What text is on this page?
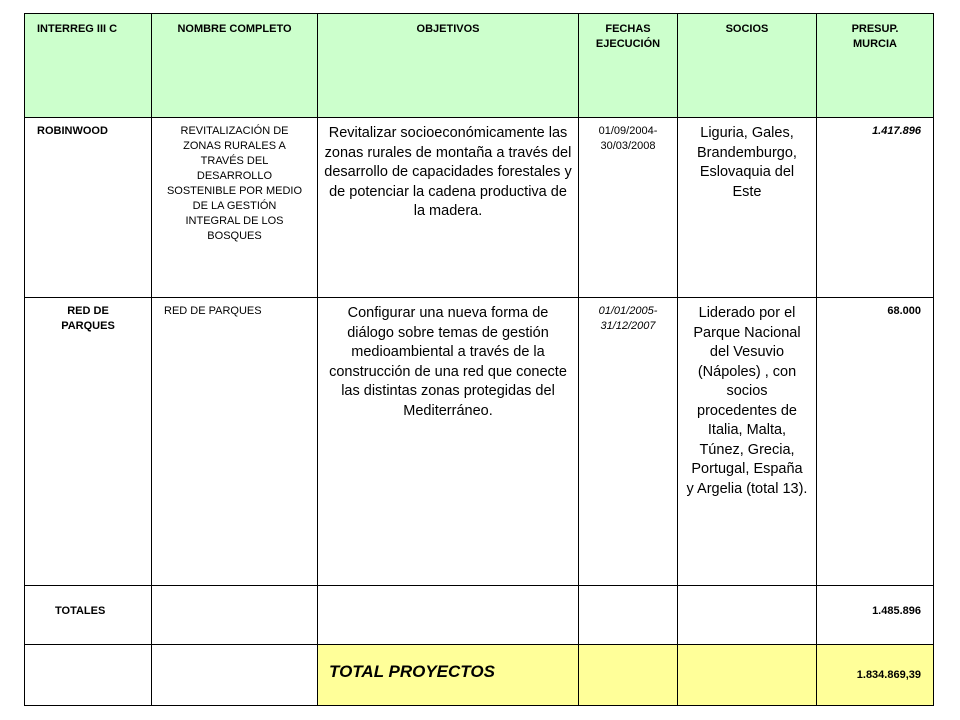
INTERREG III C	NOMBRE COMPLETO	OBJETIVOS	FECHAS EJECUCIÓN	SOCIOS	PRESUP. MURCIA

ROBINWOOD	REVITALIZACIÓN DE ZONAS RURALES A TRAVÉS DEL DESARROLLO SOSTENIBLE POR MEDIO DE LA GESTIÓN INTEGRAL DE LOS BOSQUES	Revitalizar socioeconómicamente las zonas rurales de montaña a través del desarrollo de capacidades forestales y de potenciar la cadena productiva de la madera.	01/09/2004-30/03/2008	Liguria, Gales, Brandemburgo, Eslovaquia del Este	1.417.896

RED DE PARQUES	RED DE PARQUES	Configurar una nueva forma de diálogo sobre temas de gestión medioambiental a través de la construcción de una red que conecte las distintas zonas protegidas del Mediterráneo.	01/01/2005-31/12/2007	Liderado por el Parque Nacional del Vesuvio (Nápoles) , con socios procedentes de Italia, Malta, Túnez, Grecia, Portugal, España y Argelia (total 13).	68.000
TOTALES					1.485.896

		TOTAL PROYECTOS			1.834.869,39
